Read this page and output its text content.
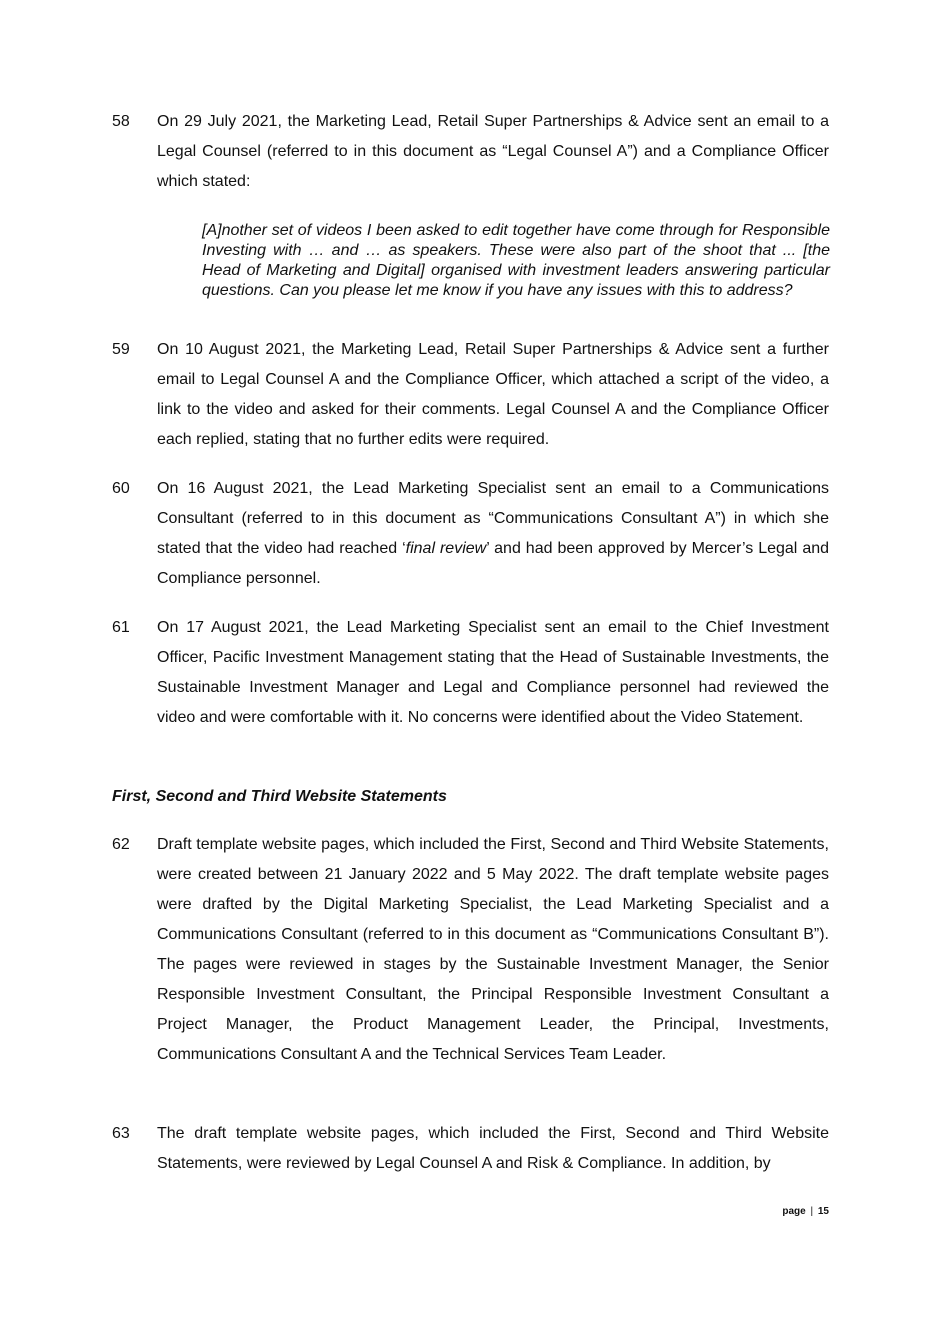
58 On 29 July 2021, the Marketing Lead, Retail Super Partnerships & Advice sent an email to a Legal Counsel (referred to in this document as “Legal Counsel A”) and a Compliance Officer which stated:
[A]nother set of videos I been asked to edit together have come through for Responsible Investing with … and … as speakers. These were also part of the shoot that ... [the Head of Marketing and Digital] organised with investment leaders answering particular questions. Can you please let me know if you have any issues with this to address?
59 On 10 August 2021, the Marketing Lead, Retail Super Partnerships & Advice sent a further email to Legal Counsel A and the Compliance Officer, which attached a script of the video, a link to the video and asked for their comments. Legal Counsel A and the Compliance Officer each replied, stating that no further edits were required.
60 On 16 August 2021, the Lead Marketing Specialist sent an email to a Communications Consultant (referred to in this document as “Communications Consultant A”) in which she stated that the video had reached ‘final review’ and had been approved by Mercer’s Legal and Compliance personnel.
61 On 17 August 2021, the Lead Marketing Specialist sent an email to the Chief Investment Officer, Pacific Investment Management stating that the Head of Sustainable Investments, the Sustainable Investment Manager and Legal and Compliance personnel had reviewed the video and were comfortable with it. No concerns were identified about the Video Statement.
First, Second and Third Website Statements
62 Draft template website pages, which included the First, Second and Third Website Statements, were created between 21 January 2022 and 5 May 2022. The draft template website pages were drafted by the Digital Marketing Specialist, the Lead Marketing Specialist and a Communications Consultant (referred to in this document as “Communications Consultant B”). The pages were reviewed in stages by the Sustainable Investment Manager, the Senior Responsible Investment Consultant, the Principal Responsible Investment Consultant a Project Manager, the Product Management Leader, the Principal, Investments, Communications Consultant A and the Technical Services Team Leader.
63 The draft template website pages, which included the First, Second and Third Website Statements, were reviewed by Legal Counsel A and Risk & Compliance. In addition, by
page | 15
